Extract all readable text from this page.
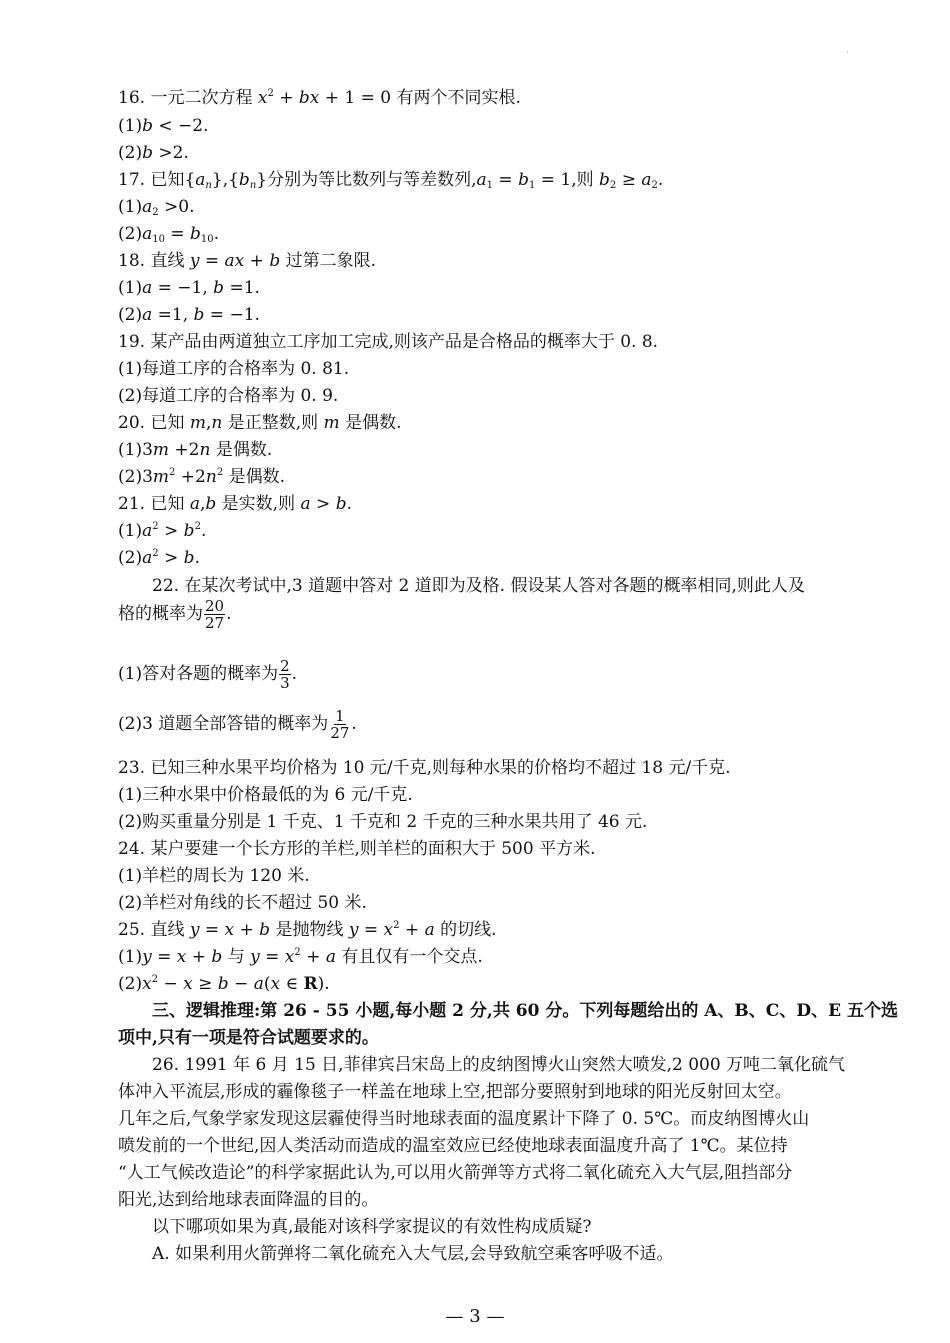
·
16. 一元二次方程 $x^2$ + bx + 1 = 0 有两个不同实根.
(1)b < −2.
(2)b >2.
17. 已知$\{a_n\},\{b_n\}$分别为等比数列与等差数列$,a_1 = b_1 = 1$,则 $b_2 \ge a_2$.
$(1)a_2 >0$.
$(2)a_{10} = b_{10}$.
18. 直线 y = ax + b 过第二象限.
(1)a = −1, b =1.
(2)a =1, b = −1.
19. 某产品由两道独立工序加工完成,则该产品是合格品的概率大于 0. 8.
(1)每道工序的合格率为 0. 81.
(2)每道工序的合格率为 0. 9.
20. 已知 m,n 是正整数,则 m 是偶数.
(1)3m +2n 是偶数.
$(2)3m^2 +2n^2$ 是偶数.
21. 已知 a,b 是实数,则 a > b.
$(1)a^2 > b^2$.
$(2)a^2 > b$.
22. 在某次考试中,3 道题中答对 2 道即为及格. 假设某人答对各题的概率相同,则此人及
格的概率为 $\frac{20}{27}$ .
(1)答对各题的概率为 $\frac{2}{3}$ .
(2)3 道题全部答错的概率为 $\frac{1}{27}$ .
23. 已知三种水果平均价格为 10 元/千克,则每种水果的价格均不超过 18 元/千克.
(1)三种水果中价格最低的为 6 元/千克.
(2)购买重量分别是 1 千克、1 千克和 2 千克的三种水果共用了 46 元.
24. 某户要建一个长方形的羊栏,则羊栏的面积大于 500 平方米.
(1)羊栏的周长为 120 米.
(2)羊栏对角线的长不超过 50 米.
25. 直线 y = x + b 是抛物线 $y = x^2 + a$ 的切线.
(1)y = x + b 与 $y = x^2 + a$ 有且仅有一个交点.
$(2)x^2 - x \ge b - a(x$ ∈ R).
三、逻辑推理:第 26 - 55 小题,每小题 2 分,共 60 分。下列每题给出的 A、B、C、D、E 五个选
项中,只有一项是符合试题要求的。
26. 1991 年 6 月 15 日,菲律宾吕宋岛上的皮纳图博火山突然大喷发,2 000 万吨二氧化硫气
体冲入平流层,形成的霾像毯子一样盖在地球上空,把部分要照射到地球的阳光反射回太空。
几年之后,气象学家发现这层霾使得当时地球表面的温度累计下降了 0. 5℃。而皮纳图博火山
喷发前的一个世纪,因人类活动而造成的温室效应已经使地球表面温度升高了 1℃。某位持
“人工气候改造论”的科学家据此认为,可以用火箭弹等方式将二氧化硫充入大气层,阻挡部分
阳光,达到给地球表面降温的目的。
以下哪项如果为真,最能对该科学家提议的有效性构成质疑?
A. 如果利用火箭弹将二氧化硫充入大气层,会导致航空乘客呼吸不适。
— 3 —
